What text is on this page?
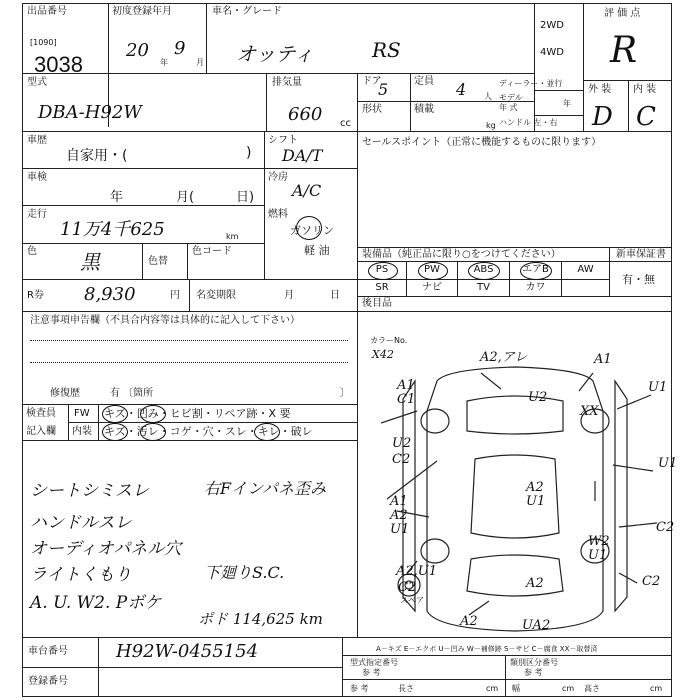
出品番号
[1090]
3038
初度登録年月
20
年
9
月
車名・グレード
オッティ	RS
2WD
4WD
評 価 点
R
型式
DBA-H92W
排気量
660 cc
ドア
5	定員 4 人
形状	積載
kg
ディーラー・並行
モデル
年 式	年
ハンドル 左・右
外 装 内 装
D C
車歴
自家用・(	)
シフト
DA/T
車検
年	月(	日)
冷房
A/C
走行
11万4千625	km
燃料
ガソリン
軽 油
色 黒	色替
色コード
R券 8,930	円 名変期限	月	日
注意事項申告欄（不具合内容等は具体的に記入して下さい）
修復歴	有 〔箇所	〕
検査員
記入欄
FW キズ・凹み・ヒビ割・リペア跡・X 要
内装 キズ・汚レ・コゲ・穴・スレ・キレ・破レ
シートシミスレ
ハンドルスレ
オーディオパネル穴
ライトくもり
A. U. W2. Pボケ
右Fインパネ歪み
下廻りS.C.
ポド 114,625 km
セールスポイント（正常に機能するものに限ります）
装備品（純正品に限り○をつけてください）	新車保証書
有・無
PS	PW	ABS	エアB	AW
SR	ナビ	TV	カワ
後目品
カラーNo.
X42	A2,アレ	A1
A1
C1	U2
U1
XX
U2
C2	U1
A2
U1
A1
A2
U1	C2
W2
U1
A2,U1
C2	A2
A2	UA2
C2
スペア
A－キズ E－エクボ U－凹み W－補修跡 S－サビ C－腐食 XX－取替済
車台番号	H92W-0455154
登録番号
型式指定番号
参 考
類別区分番号
参 考
参 考	長さ	cm 幅	cm 高さ	cm
